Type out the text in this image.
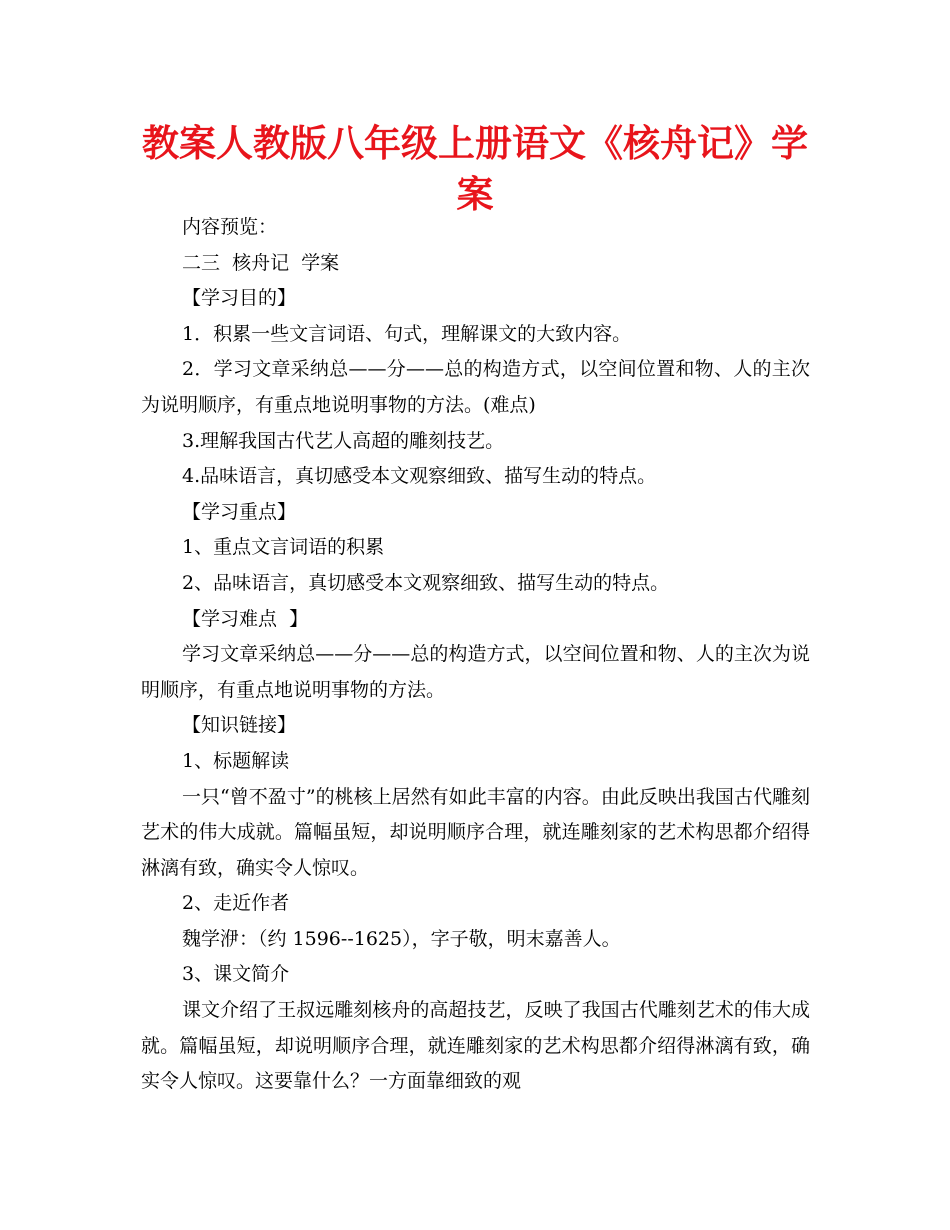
教案人教版八年级上册语文《核舟记》学案

内容预览：

二三  核舟记  学案

【学习目的】

1．积累一些文言词语、句式，理解课文的大致内容。

2．学习文章采纳总——分——总的构造方式，以空间位置和物、人的主次为说明顺序，有重点地说明事物的方法。(难点)

3.理解我国古代艺人高超的雕刻技艺。

4.品味语言，真切感受本文观察细致、描写生动的特点。

【学习重点】

1、重点文言词语的积累

2、品味语言，真切感受本文观察细致、描写生动的特点。

【学习难点  】

学习文章采纳总——分——总的构造方式，以空间位置和物、人的主次为说明顺序，有重点地说明事物的方法。

【知识链接】

1、标题解读

一只“曾不盈寸”的桃核上居然有如此丰富的内容。由此反映出我国古代雕刻艺术的伟大成就。篇幅虽短，却说明顺序合理，就连雕刻家的艺术构思都介绍得淋漓有致，确实令人惊叹。

2、走近作者

魏学洢：（约 1596--1625），字子敬，明末嘉善人。

3、课文简介

课文介绍了王叔远雕刻核舟的高超技艺，反映了我国古代雕刻艺术的伟大成就。篇幅虽短，却说明顺序合理，就连雕刻家的艺术构思都介绍得淋漓有致，确实令人惊叹。这要靠什么？一方面靠细致的观
